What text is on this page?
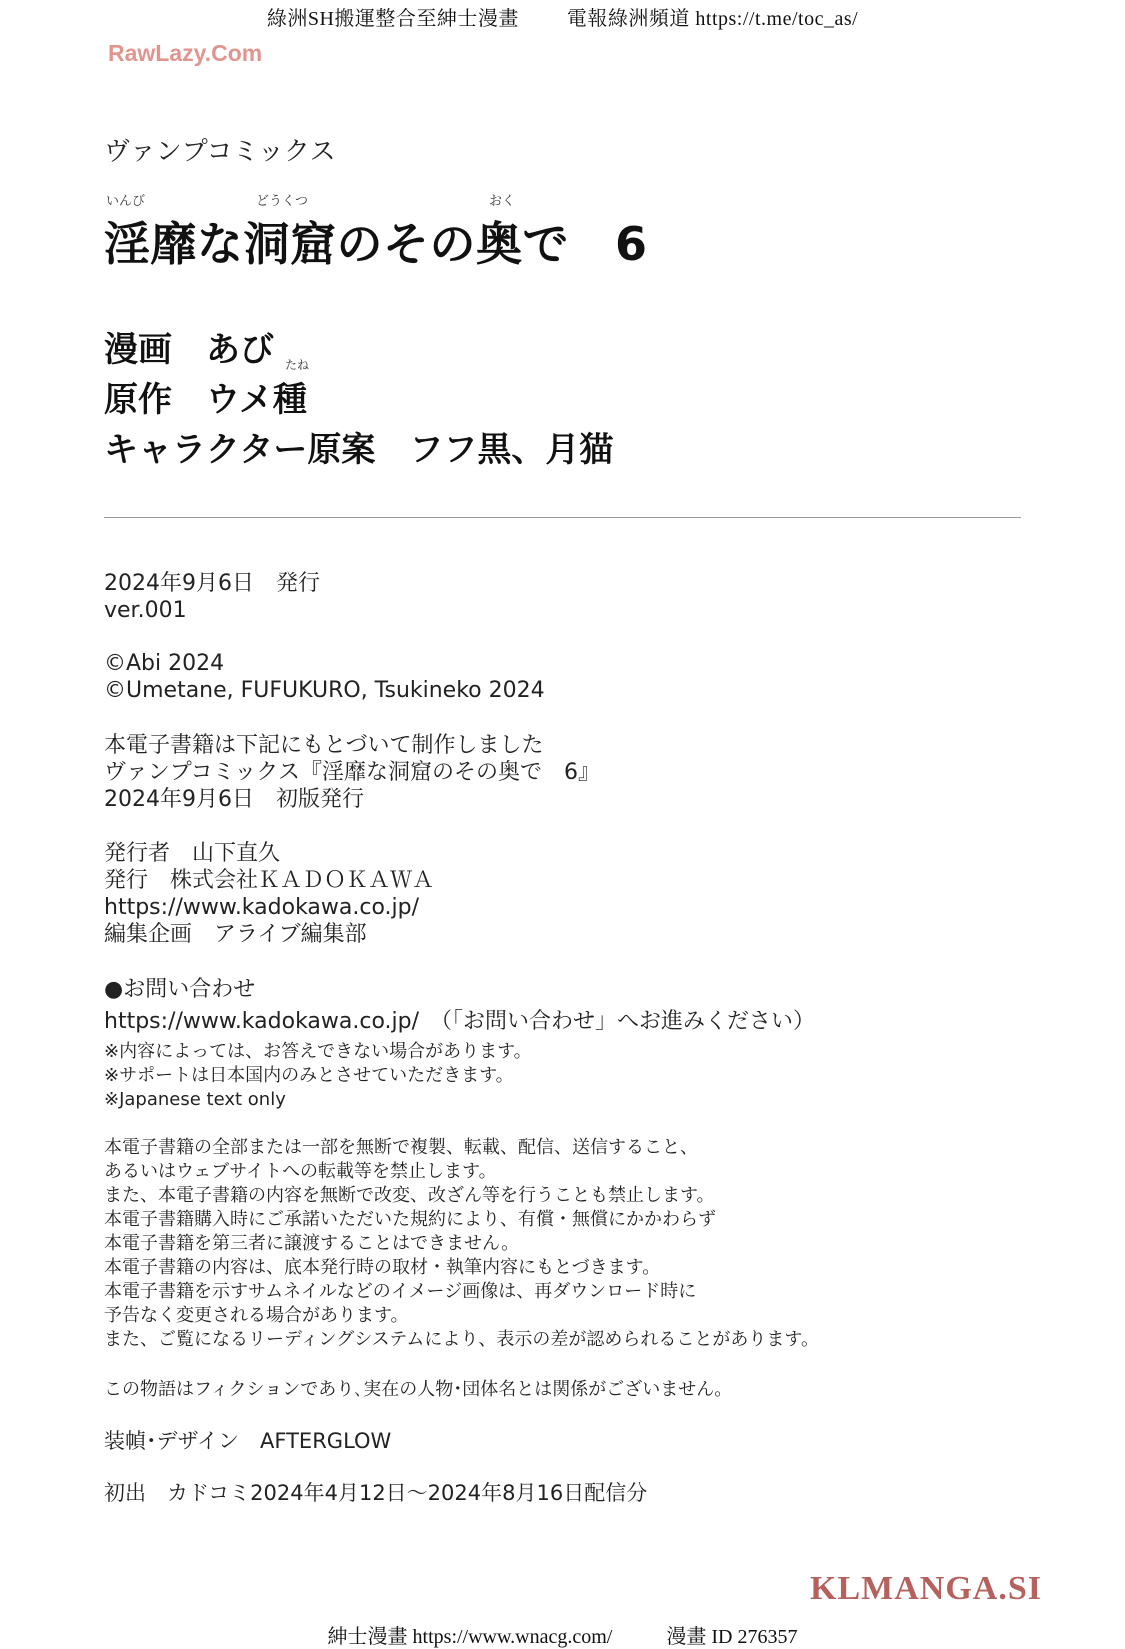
綠洲SH搬運整合至紳士漫畫 電報綠洲頻道 https://t.me/toc_as/
RawLazy.Com
ヴァンプコミックス
いんび	どうくつ	おく
淫靡な洞窟のその奥で 6
漫画 あび たね
原作 ウメ種
キャラクター原案 フフ黒、月猫
2024年9月6日 発行
ver.001
©Abi 2024
©Umetane, FUFUKURO, Tsukineko 2024
本電子書籍は下記にもとづいて制作しました
ヴァンプコミックス『淫靡な洞窟のその奥で　6』
2024年9月6日　初版発行
発行者　山下直久
発行　株式会社ＫＡＤＯＫＡＷＡ
https://www.kadokawa.co.jp/
編集企画　アライブ編集部
●お問い合わせ
https://www.kadokawa.co.jp/　（「お問い合わせ」へお進みください）
※内容によっては、お答えできない場合があります。
※サポートは日本国内のみとさせていただきます。
※Japanese text only
本電子書籍の全部または一部を無断で複製、転載、配信、送信すること、
あるいはウェブサイトへの転載等を禁止します。
また、本電子書籍の内容を無断で改変、改ざん等を行うことも禁止します。
本電子書籍購入時にご承諾いただいた規約により、有償・無償にかかわらず
本電子書籍を第三者に譲渡することはできません。
本電子書籍の内容は、底本発行時の取材・執筆内容にもとづきます。
本電子書籍を示すサムネイルなどのイメージ画像は、再ダウンロード時に
予告なく変更される場合があります。
また、ご覧になるリーディングシステムにより、表示の差が認められることがあります。
この物語はフィクションであり､実在の人物･団体名とは関係がございません｡
装幀･デザイン　AFTERGLOW
初出　カドコミ2024年4月12日〜2024年8月16日配信分
KLMANGA.SI
紳士漫畫 https://www.wnacg.com/	漫畫 ID 276357
